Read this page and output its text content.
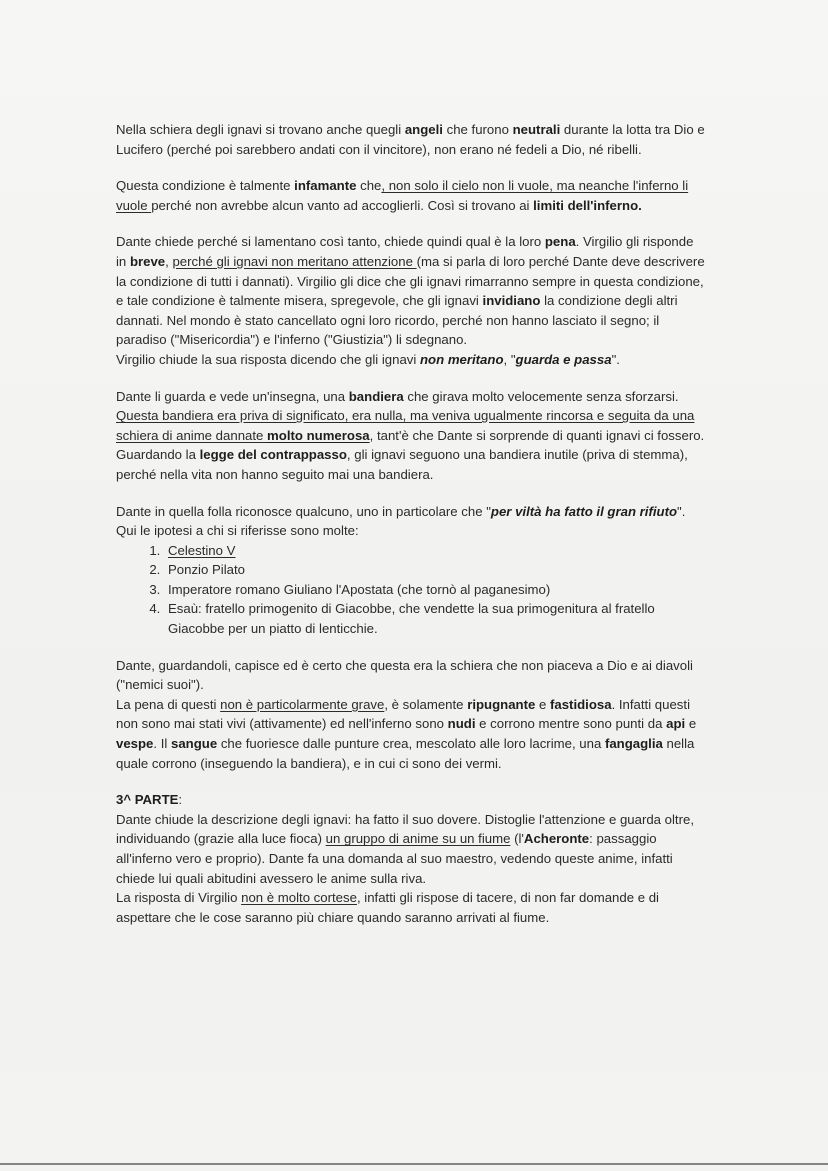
Nella schiera degli ignavi si trovano anche quegli angeli che furono neutrali durante la lotta tra Dio e Lucifero (perché poi sarebbero andati con il vincitore), non erano né fedeli a Dio, né ribelli.

Questa condizione è talmente infamante che, non solo il cielo non li vuole, ma neanche l'inferno li vuole perché non avrebbe alcun vanto ad accoglierli. Così si trovano ai limiti dell'inferno.

Dante chiede perché si lamentano così tanto, chiede quindi qual è la loro pena. Virgilio gli risponde in breve, perché gli ignavi non meritano attenzione (ma si parla di loro perché Dante deve descrivere la condizione di tutti i dannati). Virgilio gli dice che gli ignavi rimarranno sempre in questa condizione, e tale condizione è talmente misera, spregevole, che gli ignavi invidiano la condizione degli altri dannati. Nel mondo è stato cancellato ogni loro ricordo, perché non hanno lasciato il segno; il paradiso ("Misericordia") e l'inferno ("Giustizia") li sdegnano.
Virgilio chiude la sua risposta dicendo che gli ignavi non meritano, "guarda e passa".

Dante li guarda e vede un'insegna, una bandiera che girava molto velocemente senza sforzarsi. Questa bandiera era priva di significato, era nulla, ma veniva ugualmente rincorsa e seguita da una schiera di anime dannate molto numerosa, tant'è che Dante si sorprende di quanti ignavi ci fossero.
Guardando la legge del contrappasso, gli ignavi seguono una bandiera inutile (priva di stemma), perché nella vita non hanno seguito mai una bandiera.

Dante in quella folla riconosce qualcuno, uno in particolare che "per viltà ha fatto il gran rifiuto". Qui le ipotesi a chi si riferisse sono molte:

1. Celestino V
2. Ponzio Pilato
3. Imperatore romano Giuliano l'Apostata (che tornò al paganesimo)
4. Esaù: fratello primogenito di Giacobbe, che vendette la sua primogenitura al fratello Giacobbe per un piatto di lenticchie.

Dante, guardandoli, capisce ed è certo che questa era la schiera che non piaceva a Dio e ai diavoli ("nemici suoi").
La pena di questi non è particolarmente grave, è solamente ripugnante e fastidiosa. Infatti questi non sono mai stati vivi (attivamente) ed nell'inferno sono nudi e corrono mentre sono punti da api e vespe. Il sangue che fuoriesce dalle punture crea, mescolato alle loro lacrime, una fangaglia nella quale corrono (inseguendo la bandiera), e in cui ci sono dei vermi.

3^ PARTE:
Dante chiude la descrizione degli ignavi: ha fatto il suo dovere. Distoglie l'attenzione e guarda oltre, individuando (grazie alla luce fioca) un gruppo di anime su un fiume (l'Acheronte: passaggio all'inferno vero e proprio). Dante fa una domanda al suo maestro, vedendo queste anime, infatti chiede lui quali abitudini avessero le anime sulla riva.
La risposta di Virgilio non è molto cortese, infatti gli rispose di tacere, di non far domande e di aspettare che le cose saranno più chiare quando saranno arrivati al fiume.
